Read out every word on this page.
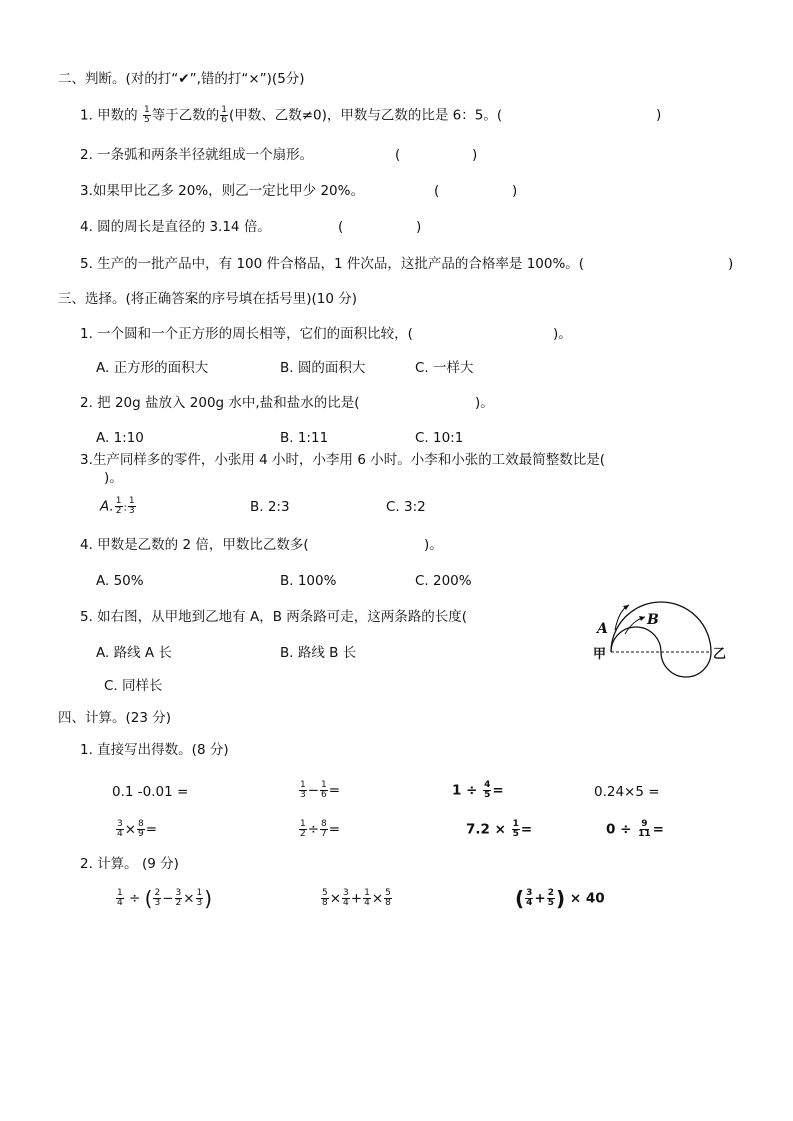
二、判断。(对的打“✔”,错的打“×”)(5分)
1. 甲数的 $\frac{1}{5}$ 等于乙数的 $\frac{1}{6}$ (甲数、乙数≠0)，甲数与乙数的比是 6：5。(	)
2. 一条弧和两条半径就组成一个扇形。	(	)
3.如果甲比乙多 20%，则乙一定比甲少 20%。	(	)
4. 圆的周长是直径的 3.14 倍。	(	)
5. 生产的一批产品中，有 100 件合格品，1 件次品，这批产品的合格率是 100%。(	)
三、选择。(将正确答案的序号填在括号里)(10 分)
1. 一个圆和一个正方形的周长相等，它们的面积比较，(	)。
A. 正方形的面积大	B. 圆的面积大	C. 一样大
2. 把 20g 盐放入 200g 水中,盐和盐水的比是(	)。
A. 1:10	B. 1:11	C. 10:1
3.生产同样多的零件，小张用 4 小时，小李用 6 小时。小李和小张的工效最简整数比是(
)。
A. $\frac{1}{2}$ : $\frac{1}{3}$	B. 2:3	C. 3:2
4. 甲数是乙数的 2 倍，甲数比乙数多(	)。
A. 50%	B. 100%	C. 200%
5. 如右图，从甲地到乙地有 A，B 两条路可走，这两条路的长度(
A. 路线 A 长	B. 路线 B 长
C. 同样长
A
B
甲	乙
四、计算。(23 分)
1. 直接写出得数。(8 分)
0.1 -0.01 =	$\frac{1}{3} - \frac{1}{6}$ =	$1 \div \frac{4}{5}$ =	0.24×5 =
$\frac{3}{4} \times \frac{8}{9}$ =	$\frac{1}{2} \div \frac{8}{7}$ =	$7.2 \times \frac{1}{5}$ =	$0 \div \frac{9}{11}$ =
2. 计算。 (9 分)
$\frac{1}{4}$ ÷ ( $\frac{2}{3} - \frac{3}{2} \times \frac{1}{3}$ )	$\frac{5}{8} \times \frac{3}{4} + \frac{1}{4} \times \frac{5}{8}$	( $\frac{3}{4} + \frac{2}{5}$ ) × 40
